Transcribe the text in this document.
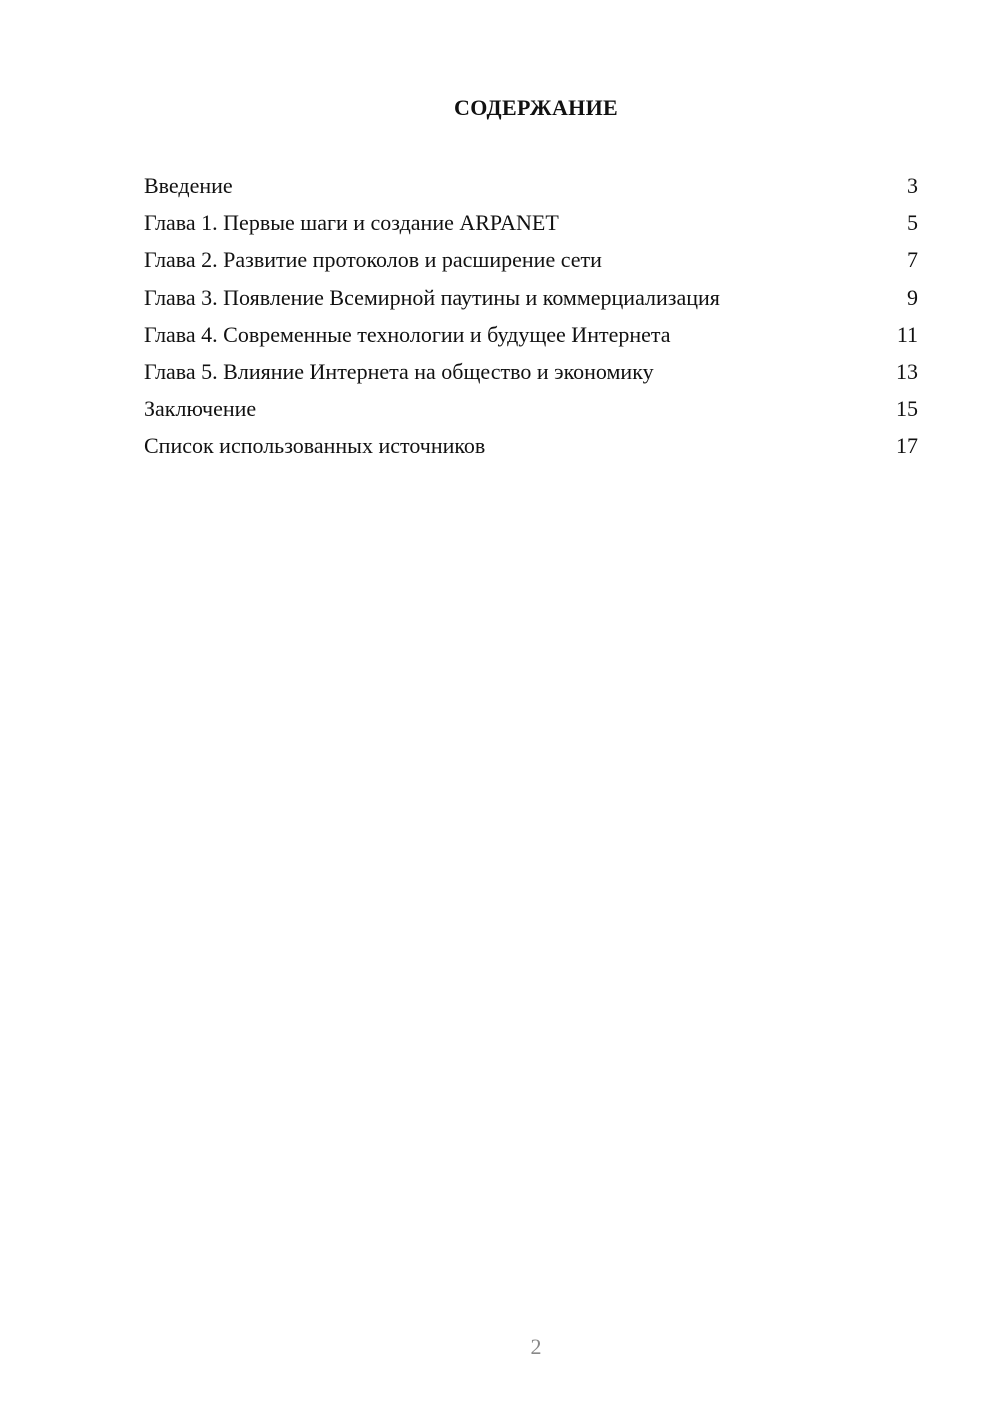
СОДЕРЖАНИЕ
Введение	3
Глава 1. Первые шаги и создание ARPANET	5
Глава 2. Развитие протоколов и расширение сети	7
Глава 3. Появление Всемирной паутины и коммерциализация	9
Глава 4. Современные технологии и будущее Интернета	11
Глава 5. Влияние Интернета на общество и экономику	13
Заключение	15
Список использованных источников	17
2
